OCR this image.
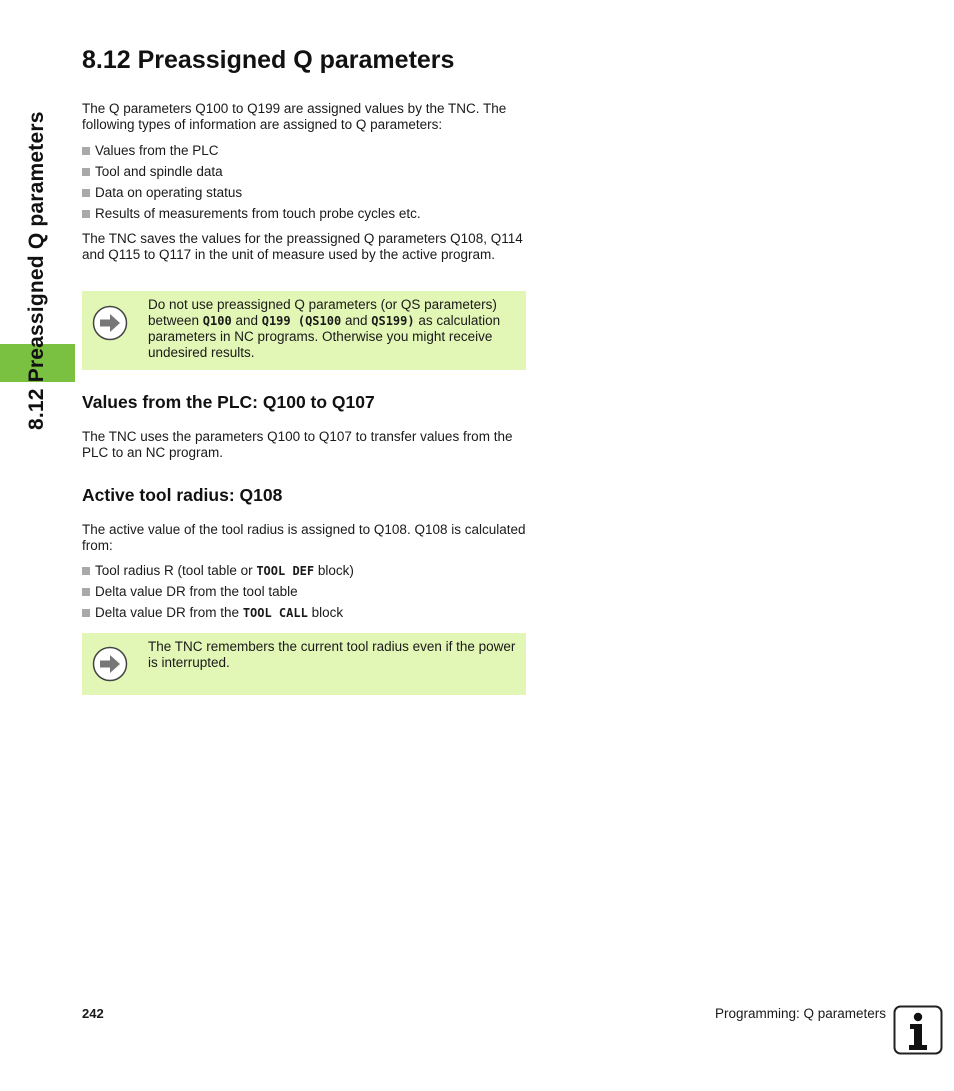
8.12 Preassigned Q parameters
8.12 Preassigned Q parameters

The Q parameters Q100 to Q199 are assigned values by the TNC. The following types of information are assigned to Q parameters:

Values from the PLC
Tool and spindle data
Data on operating status
Results of measurements from touch probe cycles etc.

The TNC saves the values for the preassigned Q parameters Q108, Q114 and Q115 to Q117 in the unit of measure used by the active program.

Do not use preassigned Q parameters (or QS parameters) between Q100 and Q199 (QS100 and QS199) as calculation parameters in NC programs. Otherwise you might receive undesired results.

Values from the PLC: Q100 to Q107

The TNC uses the parameters Q100 to Q107 to transfer values from the PLC to an NC program.

Active tool radius: Q108

The active value of the tool radius is assigned to Q108. Q108 is calculated from:

Tool radius R (tool table or TOOL DEF block)
Delta value DR from the tool table
Delta value DR from the TOOL CALL block

The TNC remembers the current tool radius even if the power is interrupted.

242	Programming: Q parameters
